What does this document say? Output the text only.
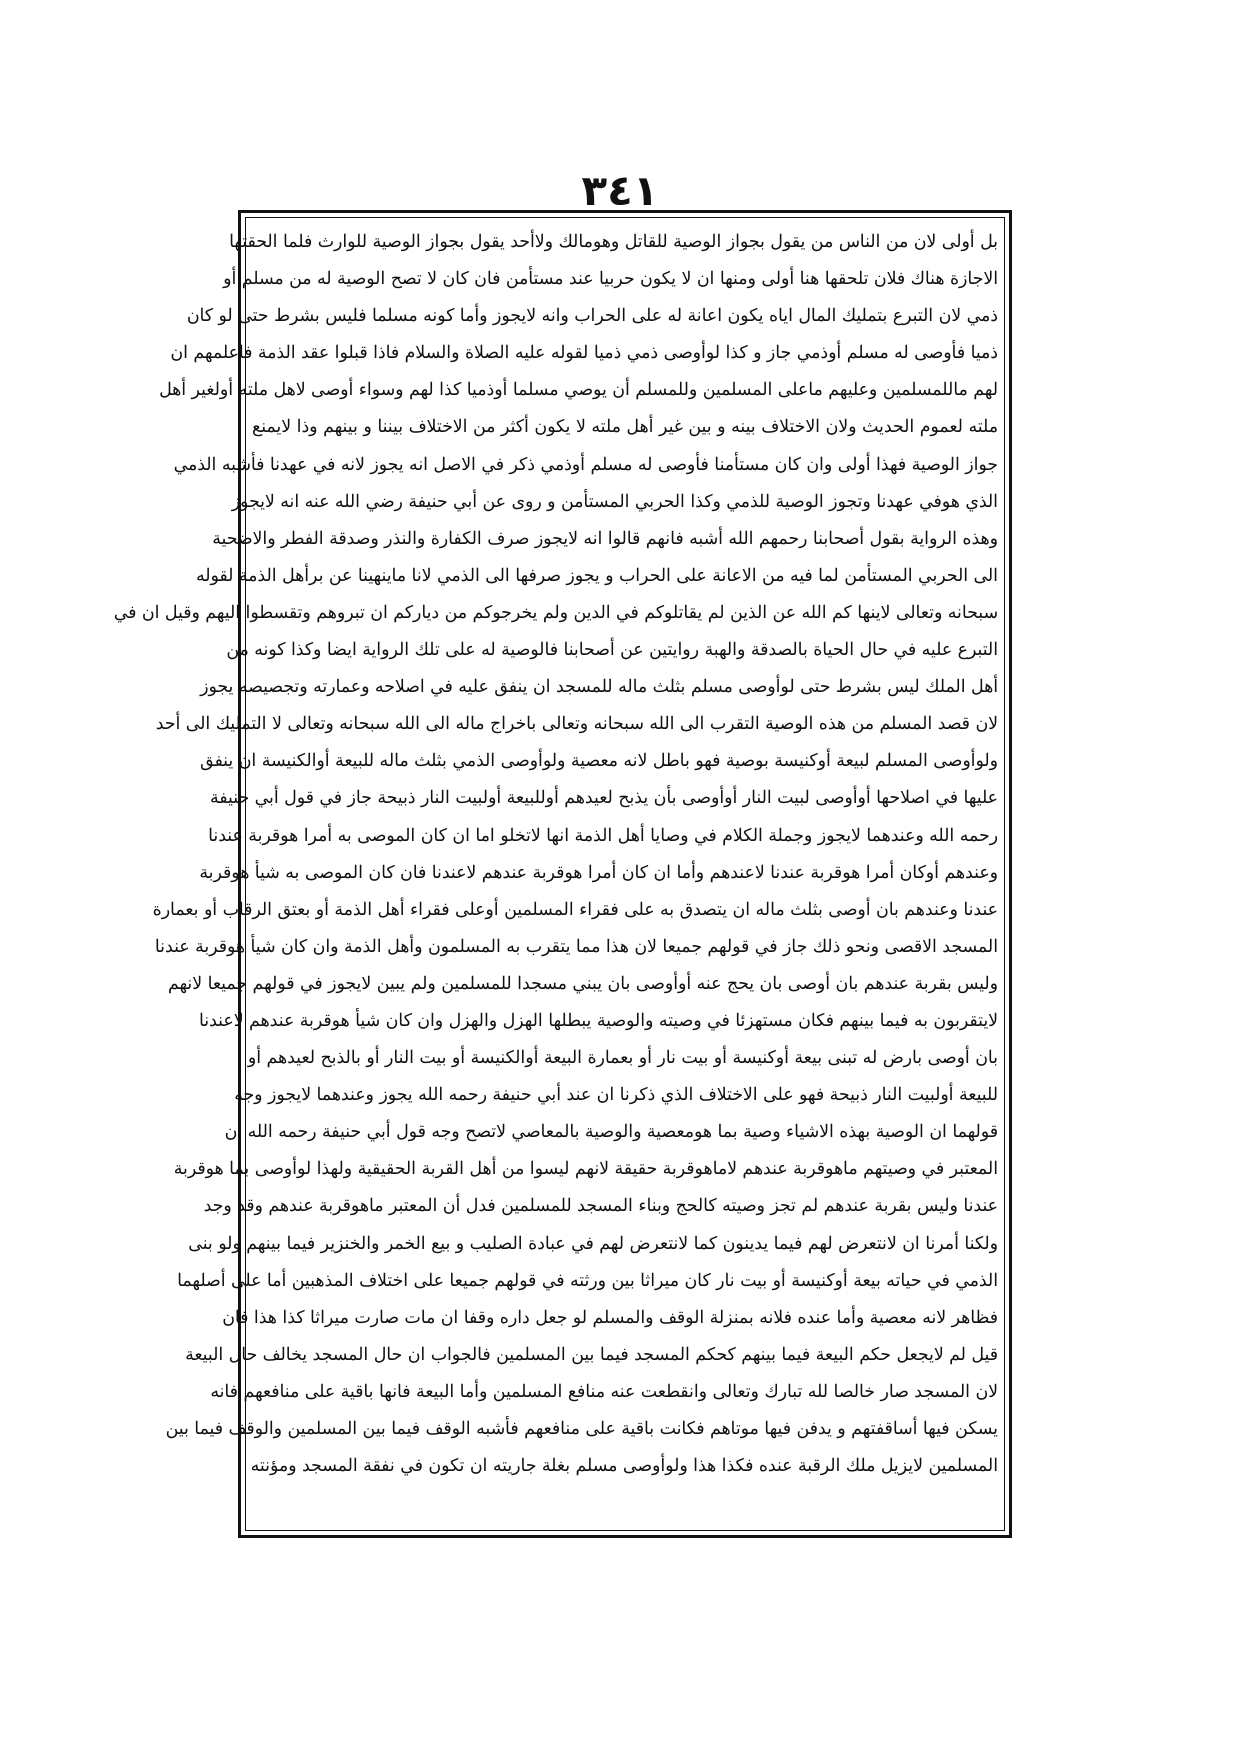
٣٤١
بل أولى لان من الناس من يقول بجواز الوصية للقاتل وهومالك ولاأحد يقول بجواز الوصية للوارث فلما الحقتها
الاجازة هناك فلان تلحقها هنا أولى ومنها ان لا يكون حربيا عند مستأمن فان كان لا تصح الوصية له من مسلم أو
ذمي لان التبرع بتمليك المال اياه يكون اعانة له على الحراب وانه لايجوز وأما كونه مسلما فليس بشرط حتى لو كان
ذميا فأوصى له مسلم أوذمي جاز و كذا لوأوصى ذمي ذميا لقوله عليه الصلاة والسلام فاذا قبلوا عقد الذمة فاعلمهم ان
لهم ماللمسلمين وعليهم ماعلى المسلمين وللمسلم أن يوصي مسلما أوذميا كذا لهم وسواء أوصى لاهل ملته أولغير أهل
ملته لعموم الحديث ولان الاختلاف بينه و بين غير أهل ملته لا يكون أكثر من الاختلاف بيننا و بينهم وذا لايمنع
جواز الوصية فهذا أولى وان كان مستأمنا فأوصى له مسلم أوذمي ذكر في الاصل انه يجوز لانه في عهدنا فأشبه الذمي
الذي هوفي عهدنا وتجوز الوصية للذمي وكذا الحربي المستأمن و روى عن أبي حنيفة رضي الله عنه انه لايجوز
وهذه الرواية بقول أصحابنا رحمهم الله أشبه فانهم قالوا انه لايجوز صرف الكفارة والنذر وصدقة الفطر والاضحية
الى الحربي المستأمن لما فيه من الاعانة على الحراب و يجوز صرفها الى الذمي لانا ماينهينا عن برأهل الذمة لقوله
سبحانه وتعالى لاينها كم الله عن الذين لم يقاتلوكم في الدين ولم يخرجوكم من دياركم ان تبروهم وتقسطوا اليهم وقيل ان في
التبرع عليه في حال الحياة بالصدقة والهبة روايتين عن أصحابنا فالوصية له على تلك الرواية ايضا وكذا كونه من
أهل الملك ليس بشرط حتى لوأوصى مسلم بثلث ماله للمسجد ان ينفق عليه في اصلاحه وعمارته وتجصيصه يجوز
لان قصد المسلم من هذه الوصية التقرب الى الله سبحانه وتعالى باخراج ماله الى الله سبحانه وتعالى لا التمليك الى أحد
ولوأوصى المسلم لبيعة أوكنيسة بوصية فهو باطل لانه معصية ولوأوصى الذمي بثلث ماله للبيعة أوالكنيسة ان ينفق
عليها في اصلاحها أوأوصى لبيت النار أوأوصى بأن يذبح لعيدهم أوللبيعة أولبيت النار ذبيحة جاز في قول أبي حنيفة
رحمه الله وعندهما لايجوز وجملة الكلام في وصايا أهل الذمة انها لاتخلو اما ان كان الموصى به أمرا هوقربة عندنا
وعندهم أوكان أمرا هوقربة عندنا لاعندهم وأما ان كان أمرا هوقربة عندهم لاعندنا فان كان الموصى به شيأ هوقربة
عندنا وعندهم بان أوصى بثلث ماله ان يتصدق به على فقراء المسلمين أوعلى فقراء أهل الذمة أو بعتق الرقاب أو بعمارة
المسجد الاقصى ونحو ذلك جاز في قولهم جميعا لان هذا مما يتقرب به المسلمون وأهل الذمة وان كان شيأ هوقربة عندنا
وليس بقربة عندهم بان أوصى بان يحج عنه أوأوصى بان يبني مسجدا للمسلمين ولم يبين لايجوز في قولهم جميعا لانهم
لايتقربون به فيما بينهم فكان مستهزئا في وصيته والوصية يبطلها الهزل والهزل وان كان شيأ هوقربة عندهم لاعندنا
بان أوصى بارض له تبنى بيعة أوكنيسة أو بيت نار أو بعمارة البيعة أوالكنيسة أو بيت النار أو بالذبح لعيدهم أو
للبيعة أولبيت النار ذبيحة فهو على الاختلاف الذي ذكرنا ان عند أبي حنيفة رحمه الله يجوز وعندهما لايجوز وجه
قولهما ان الوصية بهذه الاشياء وصية بما هومعصية والوصية بالمعاصي لاتصح وجه قول أبي حنيفة رحمه الله ان
المعتبر في وصيتهم ماهوقربة عندهم لاماهوقربة حقيقة لانهم ليسوا من أهل القربة الحقيقية ولهذا لوأوصى بما هوقربة
عندنا وليس بقربة عندهم لم تجز وصيته كالحج وبناء المسجد للمسلمين فدل أن المعتبر ماهوقربة عندهم وقد وجد
ولكنا أمرنا ان لانتعرض لهم فيما يدينون كما لانتعرض لهم في عبادة الصليب و بيع الخمر والخنزير فيما بينهم ولو بنى
الذمي في حياته بيعة أوكنيسة أو بيت نار كان ميراثا بين ورثته في قولهم جميعا على اختلاف المذهبين أما على أصلهما
فظاهر لانه معصية وأما عنده فلانه بمنزلة الوقف والمسلم لو جعل داره وقفا ان مات صارت ميراثا كذا هذا فان
قيل لم لايجعل حكم البيعة فيما بينهم كحكم المسجد فيما بين المسلمين فالجواب ان حال المسجد يخالف حال البيعة
لان المسجد صار خالصا لله تبارك وتعالى وانقطعت عنه منافع المسلمين وأما البيعة فانها باقية على منافعهم فانه
يسكن فيها أساقفتهم و يدفن فيها موتاهم فكانت باقية على منافعهم فأشبه الوقف فيما بين المسلمين والوقف فيما بين
المسلمين لايزيل ملك الرقبة عنده فكذا هذا ولوأوصى مسلم بغلة جاريته ان تكون في نفقة المسجد ومؤنته
